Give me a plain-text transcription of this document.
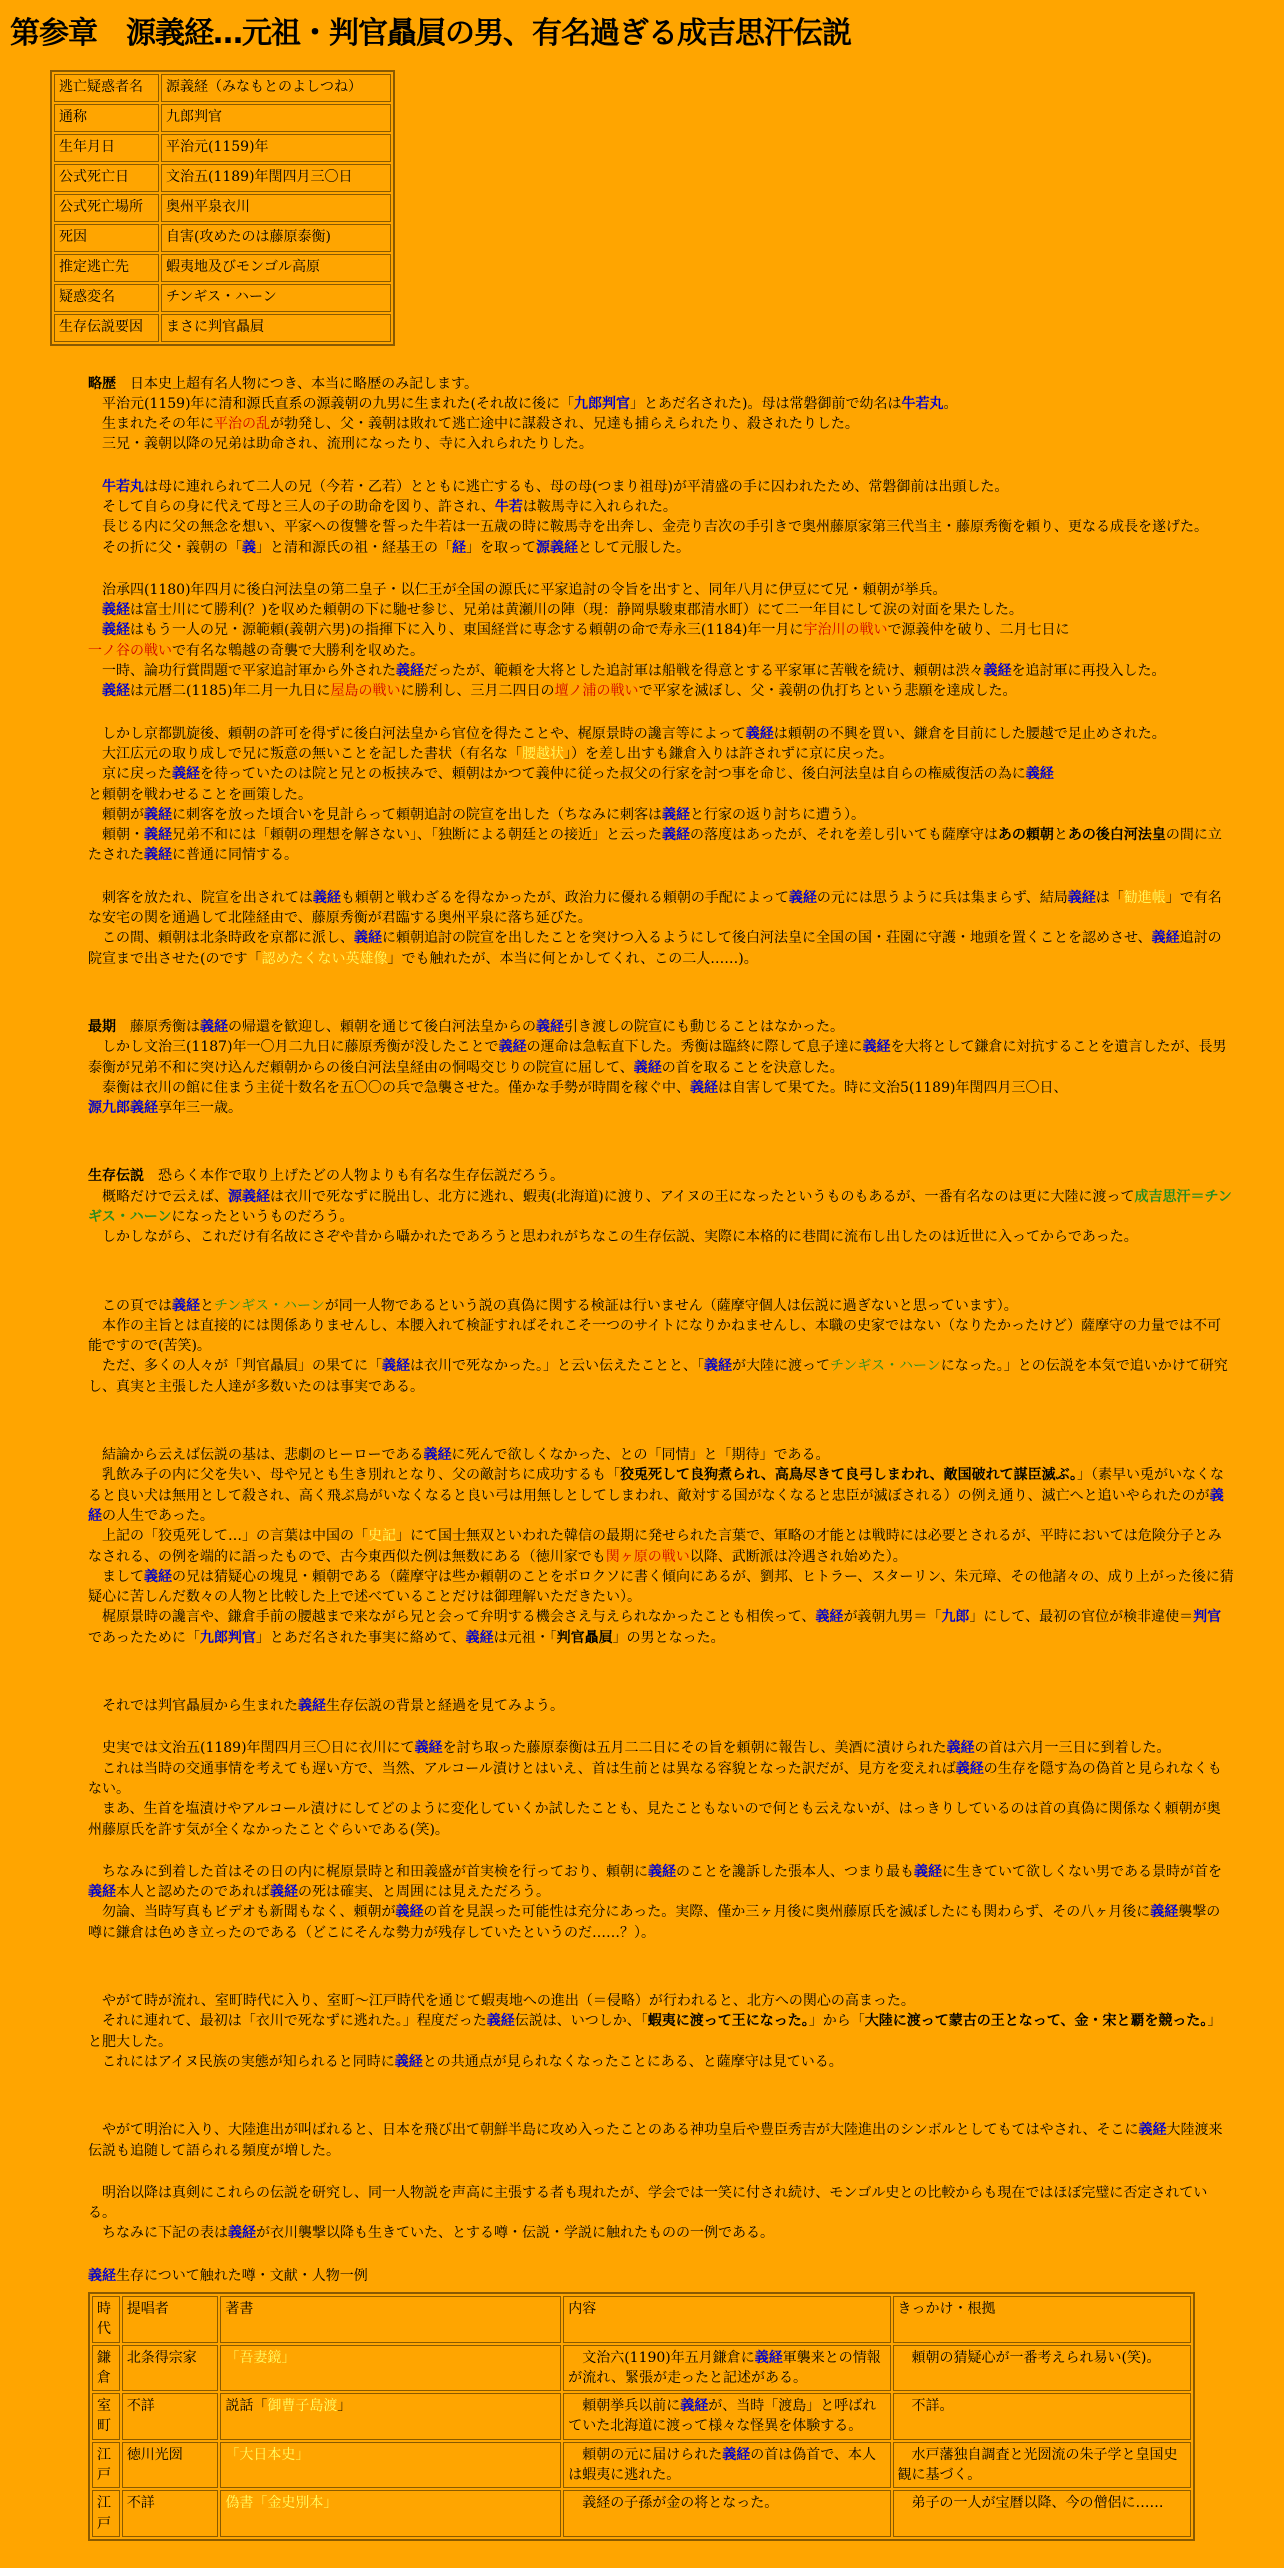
第参章　源義経…元祖・判官贔屓の男、有名過ぎる成吉思汗伝説
逃亡疑惑者名	源義経（みなもとのよしつね）
通称	九郎判官
生年月日	平治元(1159)年
公式死亡日	文治五(1189)年閏四月三〇日
公式死亡場所	奥州平泉衣川
死因	自害(攻めたのは藤原泰衡)
推定逃亡先	蝦夷地及びモンゴル高原
疑惑変名	チンギス・ハーン
生存伝説要因	まさに判官贔屓
略歴　日本史上超有名人物につき、本当に略歴のみ記します。
　平治元(1159)年に清和源氏直系の源義朝の九男に生まれた(それ故に後に「九郎判官」とあだ名された)。母は常磐御前で幼名は牛若丸。
　生まれたその年に平治の乱が勃発し、父・義朝は敗れて逃亡途中に謀殺され、兄達も捕らえられたり、殺されたりした。
　三兄・義朝以降の兄弟は助命され、流刑になったり、寺に入れられたりした。
牛若丸は母に連れられて二人の兄（今若・乙若）とともに逃亡するも、母の母(つまり祖母)が平清盛の手に囚われたため、常磐御前は出頭した。
　そして自らの身に代えて母と三人の子の助命を図り、許され、牛若は鞍馬寺に入れられた。
　長じる内に父の無念を想い、平家への復讐を誓った牛若は一五歳の時に鞍馬寺を出奔し、金売り吉次の手引きで奥州藤原家第三代当主・藤原秀衡を頼り、更なる成長を遂げた。
　その折に父・義朝の「義」と清和源氏の祖・経基王の「経」を取って源義経として元服した。
　治承四(1180)年四月に後白河法皇の第二皇子・以仁王が全国の源氏に平家追討の令旨を出すと、同年八月に伊豆にて兄・頼朝が挙兵。
義経は富士川にて勝利(？)を収めた頼朝の下に馳せ参じ、兄弟は黄瀬川の陣（現：静岡県駿東郡清水町）にて二一年目にして涙の対面を果たした。
義経はもう一人の兄・源範頼(義朝六男)の指揮下に入り、東国経営に専念する頼朝の命で寿永三(1184)年一月に宇治川の戦いで源義仲を破り、二月七日に
一ノ谷の戦いで有名な鵯越の奇襲で大勝利を収めた。
　一時、論功行賞問題で平家追討軍から外された義経だったが、範頼を大将とした追討軍は船戦を得意とする平家軍に苦戦を続け、頼朝は渋々義経を追討軍に再投入した。
義経は元暦二(1185)年二月一九日に屋島の戦いに勝利し、三月二四日の壇ノ浦の戦いで平家を滅ぼし、父・義朝の仇打ちという悲願を達成した。
　しかし京都凱旋後、頼朝の許可を得ずに後白河法皇から官位を得たことや、梶原景時の讒言等によって義経は頼朝の不興を買い、鎌倉を目前にした腰越で足止めされた。
　大江広元の取り成しで兄に叛意の無いことを記した書状（有名な「腰越状」）を差し出すも鎌倉入りは許されずに京に戻った。
　京に戻った義経を待っていたのは院と兄との板挟みで、頼朝はかつて義仲に従った叔父の行家を討つ事を命じ、後白河法皇は自らの権威復活の為に義経
と頼朝を戦わせることを画策した。
　頼朝が義経に刺客を放った頃合いを見計らって頼朝追討の院宣を出した（ちなみに刺客は義経と行家の返り討ちに遭う）。
　頼朝・義経兄弟不和には「頼朝の理想を解さない」、「独断による朝廷との接近」と云った義経の落度はあったが、それを差し引いても薩摩守はあの頼朝とあの後白河法皇の間に立たされた義経に普通に同情する。
　刺客を放たれ、院宣を出されては義経も頼朝と戦わざるを得なかったが、政治力に優れる頼朝の手配によって義経の元には思うように兵は集まらず、結局義経は「勧進帳」で有名な安宅の関を通過して北陸経由で、藤原秀衡が君臨する奥州平泉に落ち延びた。
　この間、頼朝は北条時政を京都に派し、義経に頼朝追討の院宣を出したことを突けつ入るようにして後白河法皇に全国の国・荘園に守護・地頭を置くことを認めさせ、義経追討の院宣まで出させた(のです「認めたくない英雄像」でも触れたが、本当に何とかしてくれ、この二人……)。
最期　藤原秀衡は義経の帰還を歓迎し、頼朝を通じて後白河法皇からの義経引き渡しの院宣にも動じることはなかった。
　しかし文治三(1187)年一〇月二九日に藤原秀衡が没したことで義経の運命は急転直下した。秀衡は臨終に際して息子達に義経を大将として鎌倉に対抗することを遺言したが、長男泰衡が兄弟不和に突け込んだ頼朝からの後白河法皇経由の恫喝交じりの院宣に屈して、義経の首を取ることを決意した。
　泰衡は衣川の館に住まう主従十数名を五〇〇の兵で急襲させた。僅かな手勢が時間を稼ぐ中、義経は自害して果てた。時に文治5(1189)年閏四月三〇日、
源九郎義経享年三一歳。
生存伝説　恐らく本作で取り上げたどの人物よりも有名な生存伝説だろう。
　概略だけで云えば、源義経は衣川で死なずに脱出し、北方に逃れ、蝦夷(北海道)に渡り、アイヌの王になったというものもあるが、一番有名なのは更に大陸に渡って成吉思汗＝チンギス・ハーンになったというものだろう。
　しかしながら、これだけ有名故にさぞや昔から囁かれたであろうと思われがちなこの生存伝説、実際に本格的に巷間に流布し出したのは近世に入ってからであった。
　この頁では義経とチンギス・ハーンが同一人物であるという説の真偽に関する検証は行いません（薩摩守個人は伝説に過ぎないと思っています）。
　本作の主旨とは直接的には関係ありませんし、本腰入れて検証すればそれこそ一つのサイトになりかねませんし、本職の史家ではない（なりたかったけど）薩摩守の力量では不可能ですので(苦笑)。
　ただ、多くの人々が「判官贔屓」の果てに「義経は衣川で死なかった。」と云い伝えたことと、「義経が大陸に渡ってチンギス・ハーンになった。」との伝説を本気で追いかけて研究し、真実と主張した人達が多数いたのは事実である。
　結論から云えば伝説の基は、悲劇のヒーローである義経に死んで欲しくなかった、との「同情」と「期待」である。
　乳飲み子の内に父を失い、母や兄とも生き別れとなり、父の敵討ちに成功するも「狡兎死して良狗煮られ、高鳥尽きて良弓しまわれ、敵国破れて謀臣滅ぶ。」（素早い兎がいなくなると良い犬は無用として殺され、高く飛ぶ鳥がいなくなると良い弓は用無しとしてしまわれ、敵対する国がなくなると忠臣が滅ぼされる）の例え通り、滅亡へと追いやられたのが義経の人生であった。
　上記の「狡兎死して…」の言葉は中国の「史記」にて国士無双といわれた韓信の最期に発せられた言葉で、軍略の才能とは戦時には必要とされるが、平時においては危険分子とみなされる、の例を端的に語ったもので、古今東西似た例は無数にある（徳川家でも関ヶ原の戦い以降、武断派は冷遇され始めた）。
　まして義経の兄は猜疑心の塊見・頼朝である（薩摩守は些か頼朝のことをボロクソに書く傾向にあるが、劉邦、ヒトラー、スターリン、朱元璋、その他諸々の、成り上がった後に猜疑心に苦しんだ数々の人物と比較した上で述べていることだけは御理解いただきたい）。
　梶原景時の讒言や、鎌倉手前の腰越まで来ながら兄と会って弁明する機会さえ与えられなかったことも相俟って、義経が義朝九男＝「九郎」にして、最初の官位が検非違使＝判官であったために「九郎判官」とあだ名された事実に絡めて、義経は元祖・「判官贔屓」の男となった。
　それでは判官贔屓から生まれた義経生存伝説の背景と経過を見てみよう。
　史実では文治五(1189)年閏四月三〇日に衣川にて義経を討ち取った藤原泰衡は五月二二日にその旨を頼朝に報告し、美酒に漬けられた義経の首は六月一三日に到着した。
　これは当時の交通事情を考えても遅い方で、当然、アルコール漬けとはいえ、首は生前とは異なる容貌となった訳だが、見方を変えれば義経の生存を隠す為の偽首と見られなくもない。
　まあ、生首を塩漬けやアルコール漬けにしてどのように変化していくか試したことも、見たこともないので何とも云えないが、はっきりしているのは首の真偽に関係なく頼朝が奥州藤原氏を許す気が全くなかったことぐらいである(笑)。
　ちなみに到着した首はその日の内に梶原景時と和田義盛が首実検を行っており、頼朝に義経のことを讒訴した張本人、つまり最も義経に生きていて欲しくない男である景時が首を義経本人と認めたのであれば義経の死は確実、と周囲には見えただろう。
　勿論、当時写真もビデオも新聞もなく、頼朝が義経の首を見誤った可能性は充分にあった。実際、僅か三ヶ月後に奥州藤原氏を滅ぼしたにも関わらず、その八ヶ月後に義経襲撃の噂に鎌倉は色めき立ったのである（どこにそんな勢力が残存していたというのだ……？）。
　やがて時が流れ、室町時代に入り、室町～江戸時代を通じて蝦夷地への進出（＝侵略）が行われると、北方への関心の高まった。
　それに連れて、最初は「衣川で死なずに逃れた。」程度だった義経伝説は、いつしか、「蝦夷に渡って王になった。」から「大陸に渡って蒙古の王となって、金・宋と覇を競った。」と肥大した。
　これにはアイヌ民族の実態が知られると同時に義経との共通点が見られなくなったことにある、と薩摩守は見ている。
　やがて明治に入り、大陸進出が叫ばれると、日本を飛び出て朝鮮半島に攻め入ったことのある神功皇后や豊臣秀吉が大陸進出のシンボルとしてもてはやされ、そこに義経大陸渡来伝説も追随して語られる頻度が増した。
　明治以降は真剣にこれらの伝説を研究し、同一人物説を声高に主張する者も現れたが、学会では一笑に付され続け、モンゴル史との比較からも現在ではほぼ完璧に否定されている。
　ちなみに下記の表は義経が衣川襲撃以降も生きていた、とする噂・伝説・学説に触れたものの一例である。
義経生存について触れた噂・文献・人物一例
時代	提唱者	著書	内容	きっかけ・根拠
鎌倉	北条得宗家	「吾妻鏡」	　文治六(1190)年五月鎌倉に義経軍襲来との情報が流れ、緊張が走ったと記述がある。	　頼朝の猜疑心が一番考えられ易い(笑)。
室町	不詳	説話「御曹子島渡」	　頼朝挙兵以前に義経が、当時「渡島」と呼ばれていた北海道に渡って様々な怪異を体験する。	　不詳。
江戸	徳川光圀	「大日本史」	　頼朝の元に届けられた義経の首は偽首で、本人は蝦夷に逃れた。	　水戸藩独自調査と光圀流の朱子学と皇国史観に基づく。
江戸	不詳	偽書「金史別本」	　義経の子孫が金の将となった。	　弟子の一人が宝暦以降、今の僧侶に……
